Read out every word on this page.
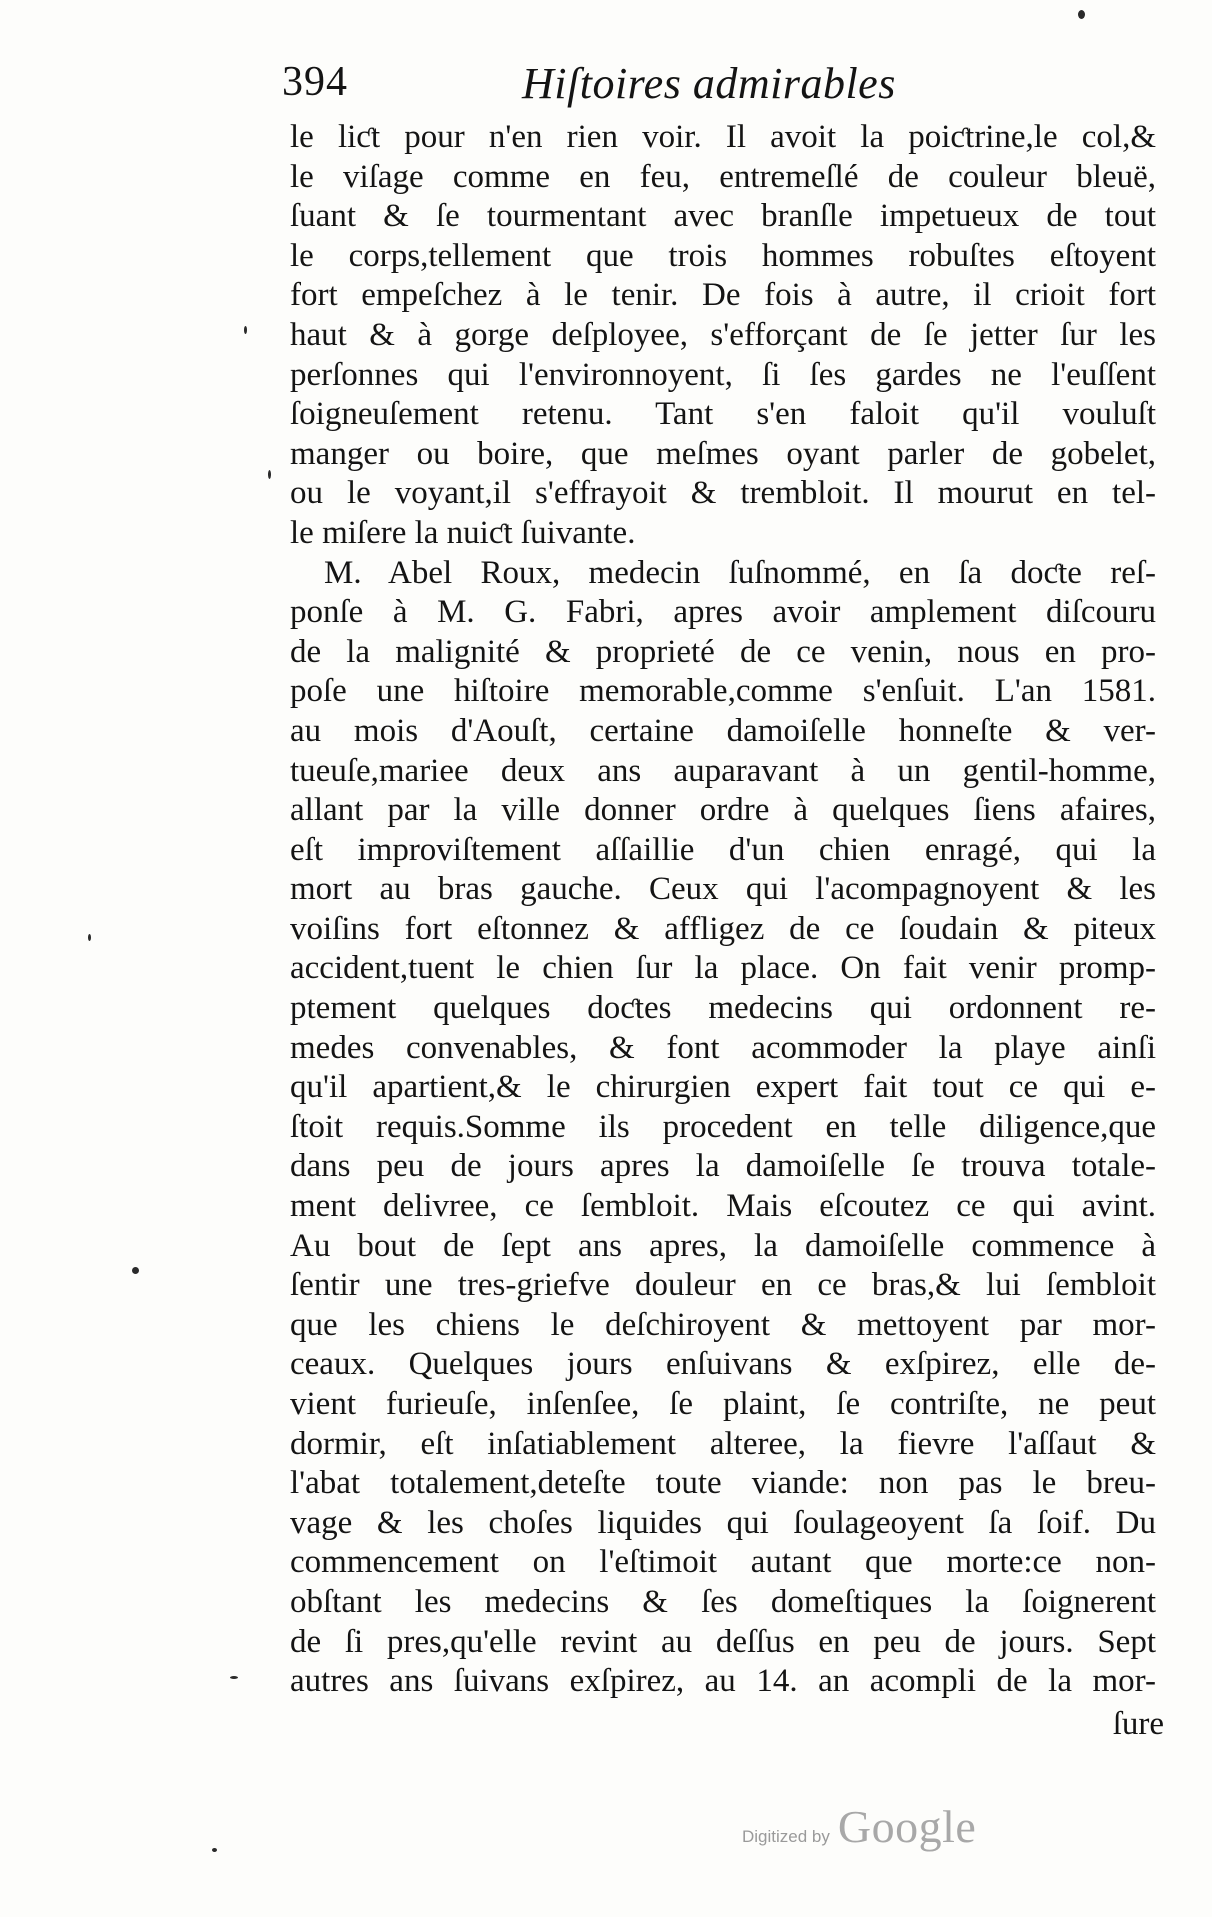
394	Hiſtoires admirables
le liƈt pour n'en rien voir. Il avoit la poiƈtrine,le col,&
le viſage comme en feu, entremeſlé de couleur bleuë,
ſuant & ſe tourmentant avec branſle impetueux de tout
le corps,tellement que trois hommes robuſtes eſtoyent
fort empeſchez à le tenir. De fois à autre, il crioit fort
haut & à gorge deſployee, s'efforçant de ſe jetter ſur les
perſonnes qui l'environnoyent, ſi ſes gardes ne l'euſſent
ſoigneuſement retenu. Tant s'en faloit qu'il vouluſt
manger ou boire, que meſmes oyant parler de gobelet,
ou le voyant,il s'effrayoit & trembloit. Il mourut en tel-
le miſere la nuiƈt ſuivante.
M. Abel Roux, medecin ſuſnommé, en ſa doƈte reſ-
ponſe à M. G. Fabri, apres avoir amplement diſcouru
de la malignité & proprieté de ce venin, nous en pro-
poſe une hiſtoire memorable,comme s'enſuit. L'an 1581.
au mois d'Aouſt, certaine damoiſelle honneſte & ver-
tueuſe,mariee deux ans auparavant à un gentil-homme,
allant par la ville donner ordre à quelques ſiens afaires,
eſt improviſtement aſſaillie d'un chien enragé, qui la
mort au bras gauche. Ceux qui l'acompagnoyent & les
voiſins fort eſtonnez & affligez de ce ſoudain & piteux
accident,tuent le chien ſur la place. On fait venir promp-
ptement quelques doƈtes medecins qui ordonnent re-
medes convenables, & font acommoder la playe ainſi
qu'il apartient,& le chirurgien expert fait tout ce qui e-
ſtoit requis.Somme ils procedent en telle diligence,que
dans peu de jours apres la damoiſelle ſe trouva totale-
ment delivree, ce ſembloit. Mais eſcoutez ce qui avint.
Au bout de ſept ans apres, la damoiſelle commence à
ſentir une tres-griefve douleur en ce bras,& lui ſembloit
que les chiens le deſchiroyent & mettoyent par mor-
ceaux. Quelques jours enſuivans & exſpirez, elle de-
vient furieuſe, inſenſee, ſe plaint, ſe contriſte, ne peut
dormir, eſt inſatiablement alteree, la fievre l'aſſaut &
l'abat totalement,deteſte toute viande: non pas le breu-
vage & les choſes liquides qui ſoulageoyent ſa ſoif. Du
commencement on l'eſtimoit autant que morte:ce non-
obſtant les medecins & ſes domeſtiques la ſoignerent
de ſi pres,qu'elle revint au deſſus en peu de jours. Sept
autres ans ſuivans exſpirez, au 14. an acompli de la mor-
ſure
Digitized by Google
